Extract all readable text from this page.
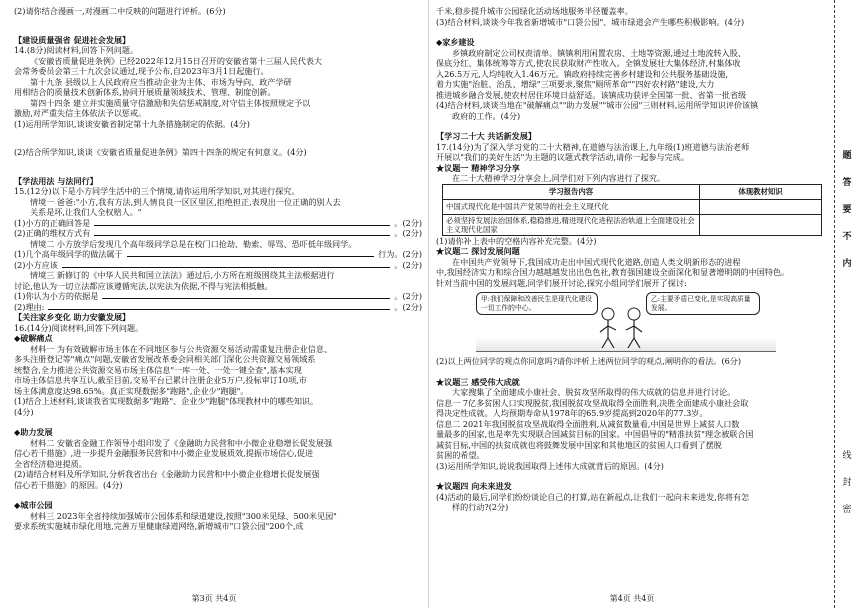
(2)请你结合漫画一,对漫画二中反映的问题进行评析。(6分)
【建设质量强省 促进社会发展】
14.(8分)阅读材料,回答下列问题。
《安徽省质量促进条例》已经2022年12月15日召开的安徽省第十三届人民代表大
会常务委员会第三十九次会议通过,现予公布,自2023年3月1日起施行。
第十九条 县级以上人民政府应当推动企业为主体、市场为导向、政产学研
用相结合的质量技术创新体系,协同开展质量领域技术、管理、制度创新。
第四十四条 建立并实施质量守信激励和失信惩戒制度,对守信主体按照规定予以
激励,对严重失信主体依法予以惩戒。
(1)运用所学知识,谈谈安徽省制定第十九条措施制定的依据。(4分)
(2)结合所学知识,谈谈《安徽省质量促进条例》第四十四条的规定有何意义。(4分)
【学法用法 与法同行】
15.(12分)以下是小方同学生活中的三个情境,请你运用所学知识,对其进行探究。
情境一 爸爸:"小方,我有方法,到人情良良一区区里区,拒绝担正,表现出一位正确的别人去
关系是坏,让我们人全权赔人。"
(1)小方的正确回答是	。(2分)
(2)正确的维权方式有	。(2分)
情境二 小方放学后发现几个高年级同学总是在校门口抢劫、勒索、辱骂、恐吓低年级同学。
(1)几个高年级同学的做法属于	行为。 (2分)
(2)小方应该	。(2分)
情境三 新修订的《中华人民共和国立法法》通过后,小方所在班级围绕其主法根据进行
讨论,他认为一切立法都应该遵循宪法,以宪法为依据,不得与宪法相抵触。
(1)你认为小方的依据是	。(2分)
(2)理由:	。(2分)
【关注家乡变化 助力安徽发展】
16.(14分)阅读材料,回答下列问题。
◆破解痛点
材料一 为有效破解市场主体在不同地区参与公共资源交易活动需重复注册企业信息、
多头注册登记等"痛点"问题,安徽省发展改革委会同相关部门深化公共资源交易领域系
统整合,全力推进公共资源交易市场主体信息"一库一处、一处一键全查",基本实现
市场主体信息共享互认,截至目前,交易平台已累计注册企业5万户,投标审订10项,市
场主体满意度达98.65%。真正实现数据多"跑路",企业少"跑腿"。
(1)结合上述材料,谈谈我省实现数据多"跑路"、企业少"跑腿"体现教材中的哪些知识。
(4分)
◆助力发展
材料二 安徽省金融工作领导小组印发了《金融助力民营和中小微企业稳增长促发展强
信心若干措施》,进一步提升金融服务民营和中小微企业发展质效,提振市场信心,促进
全省经济稳进提质。
(2)请结合材料及所学知识,分析我省出台《金融助力民营和中小微企业稳增长促发展强
信心若干措施》的原因。(4分)
◆城市公园
材料三 2023年全省持续加强城市公园体系和绿道建设,按照"300米见绿、500米见园"
要求系统实施城市绿化用地,完善万里健康绿道网络,新增城市"口袋公园"200个,成
第3页 共4页
千米,稳步提升城市公园绿化活动场地服务半径覆盖率。
(3)结合材料,谈谈今年我省新增城市"口袋公园"、城市绿道会产生哪些积极影响。(4分)
◆家乡建设
乡镇政府制定公司权责清单。镇镇利用闲置农房、土地等资源,通过土地流转入股、
保底分红、集体统筹等方式,使农民获取财产性收入。全镇发展壮大集体经济,村集体收
入26.5万元,人均纯收入1.46万元。镇政府持续完善乡村建设和公共服务基础设施,
着力实施"治脏、治乱、增绿"三项要求,聚焦"厕所革命""四好农村路"建设,大力
推进城乡融合发展,使农村居住环境日益舒适。该镇成功获评全国第一批、省第一批省级
(4)结合材料,谈谈当地在"破解痛点""助力发展""城市公园"三则材料,运用所学知识评价该镇
政府的工作。(4分)
【学习二十大 共话新发展】
17.(14分)为了深入学习党的二十大精神,在道德与法治课上,九年级(1)班道德与法治老师
开展以"我们的美好生活"为主题的议题式教学活动,请你一起参与完成。
★议题一 精神学习分享
在二十大精神学习分享会上,同学们对下列内容进行了探究。
学习报告内容	体现教材知识
中国式现代化是中国共产党领导的社会主义现代化	
必须坚持发展法治国体系,稳稳推进,精进现代化进程法治轨道上全面建设社会主义现代化国家	
(1)请你补上表中的空格内容补充完整。(4分)
★议题二 探讨发展问题
在中国共产党领导下,我国成功走出中国式现代化道路,创造人类文明新形态的进程
中,我国经济实力和综合国力越越越发出出色色社,教育强国建设全面深化和显著增明朗的中国特色。
针对当前中国的发展问题,同学们展开讨论,探究小组同学们展开了探讨:
甲:我们保障和改善民生是现代化建设一切工作的中心。
乙:主要矛盾已变化,是实现高质量发展。
(2)以上两位同学的观点你同意吗?请你评析上述两位同学的观点,阐明你的看法。(6分)
★议题三 感受伟大成就
大家搜集了全面建成小康社会、脱贫攻坚所取得的伟大成就的信息并进行讨论。
信息一 7亿多贫困人口实现脱贫,我国脱贫攻坚战取得全面胜利,决胜全面建成小康社会取
得决定性成就。人均预期寿命从1978年的65.9岁提高到2020年的77.3岁。
信息二 2021年我国脱贫攻坚战取得全面胜利,从减贫数量看,中国是世界上减贫人口数
量最多的国家,也是率先实现联合国减贫目标的国家。中国倡导的"精准扶贫"理念被联合国
减贫目标,中国的扶贫成就也将鼓舞发展中国家和其他地区的贫困人口看到了摆脱
贫困的希望。
(3)运用所学知识,说说我国取得上述伟大成就背后的原因。(4分)
★议题四 向未来进发
(4)活动的最后,同学们纷纷谈论自己的打算,站在新起点,让我们一起向未来进发,你将有怎
样的行动?(2分)
第4页 共4页
题
答
要
不
内
线
封
密
